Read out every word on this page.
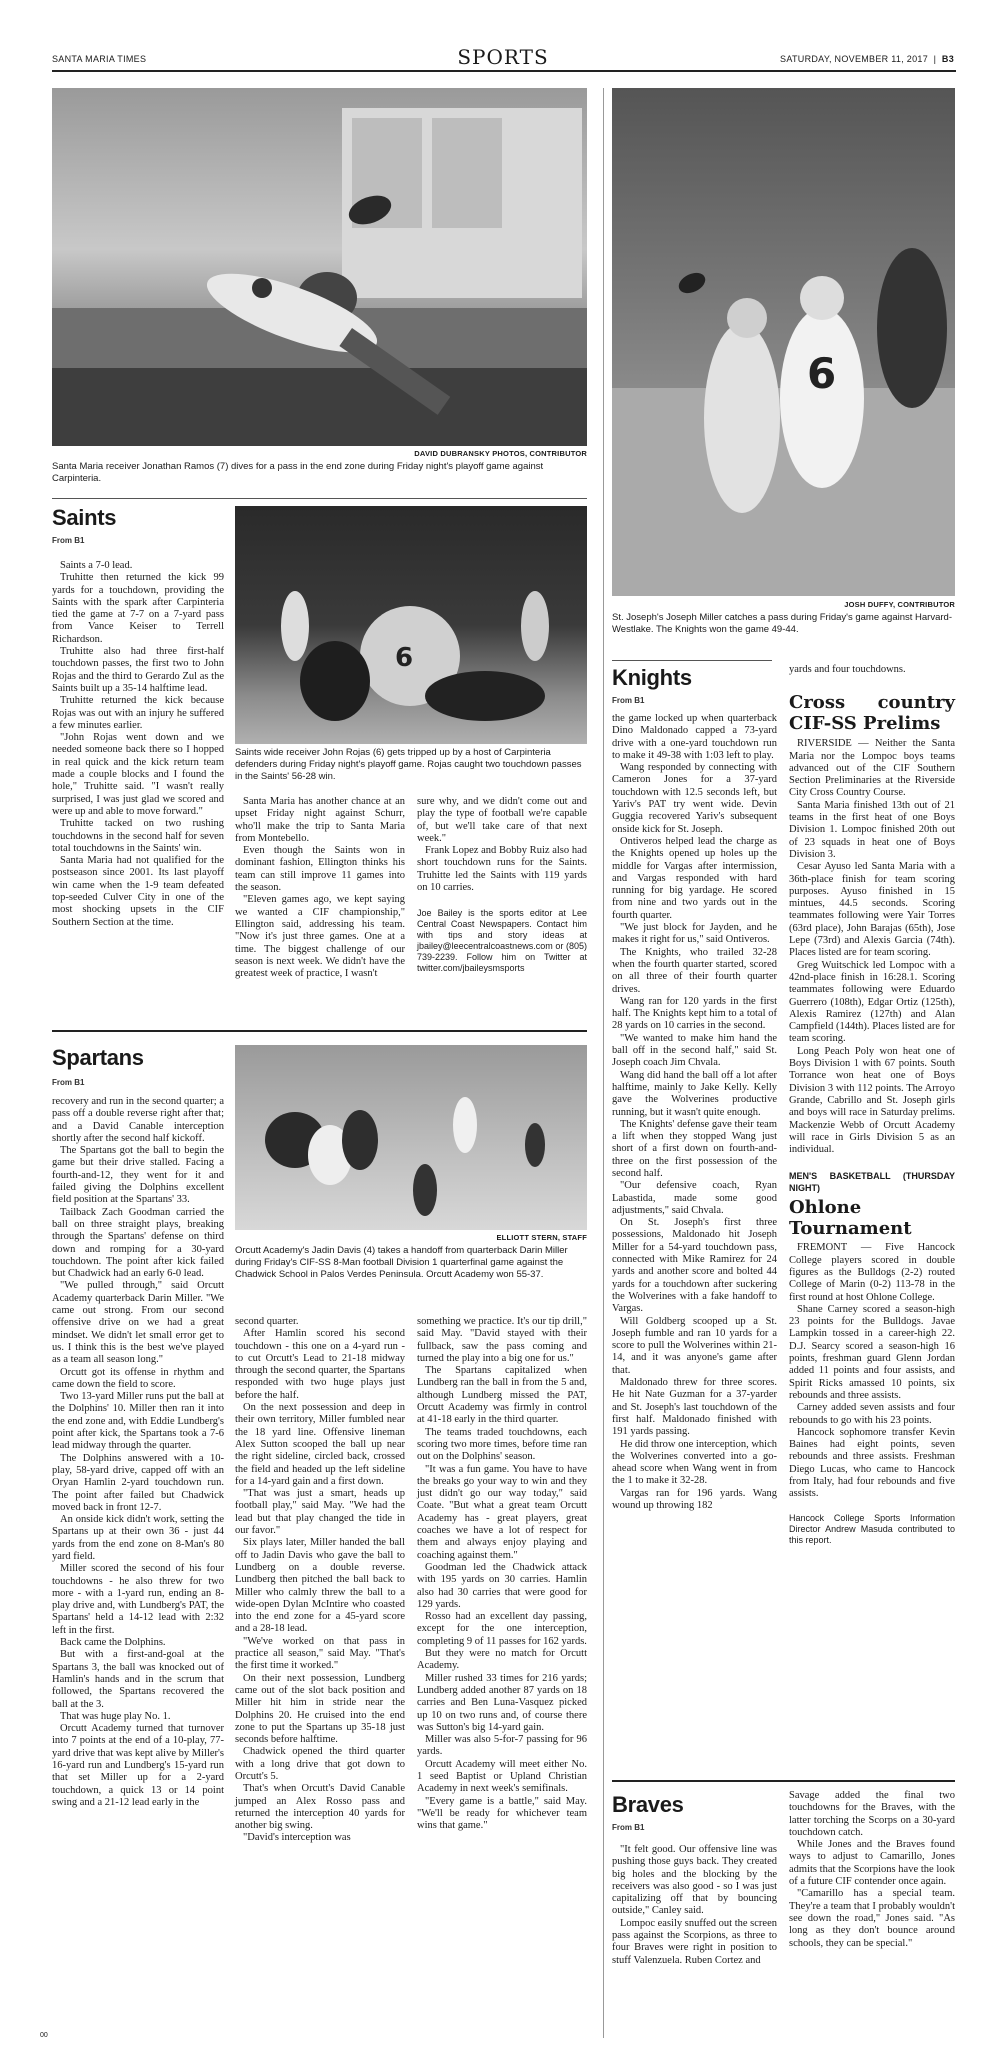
SANTA MARIA TIMES	SPORTS	SATURDAY, NOVEMBER 11, 2017  |  B3
DAVID DUBRANSKY PHOTOS, CONTRIBUTOR
Santa Maria receiver Jonathan Ramos (7) dives for a pass in the end zone during Friday night's playoff game against Carpinteria.
6
JOSH DUFFY, CONTRIBUTOR
St. Joseph's Joseph Miller catches a pass during Friday's game against Harvard-Westlake. The Knights won the game 49-44.
Saints
From B1

Saints a 7-0 lead.

Truhitte then returned the kick 99 yards for a touchdown, providing the Saints with the spark after Carpinteria tied the game at 7-7 on a 7-yard pass from Vance Keiser to Terrell Richardson.

Truhitte also had three first-half touchdown passes, the first two to John Rojas and the third to Gerardo Zul as the Saints built up a 35-14 halftime lead.

Truhitte returned the kick because Rojas was out with an injury he suffered a few minutes earlier.

"John Rojas went down and we needed someone back there so I hopped in real quick and the kick return team made a couple blocks and I found the hole," Truhitte said. "I wasn't really surprised, I was just glad we scored and were up and able to move forward."

Truhitte tacked on two rushing touchdowns in the second half for seven total touchdowns in the Saints' win.

Santa Maria had not qualified for the postseason since 2001. Its last playoff win came when the 1-9 team defeated top-seeded Culver City in one of the most shocking upsets in the CIF Southern Section at the time.

6
Saints wide receiver John Rojas (6) gets tripped up by a host of Carpinteria defenders during Friday night's playoff game. Rojas caught two touchdown passes in the Saints' 56-28 win.

Santa Maria has another chance at an upset Friday night against Schurr, who'll make the trip to Santa Maria from Montebello.

Even though the Saints won in dominant fashion, Ellington thinks his team can still improve 11 games into the season.

"Eleven games ago, we kept saying we wanted a CIF championship," Ellington said, addressing his team. "Now it's just three games. One at a time. The biggest challenge of our season is next week. We didn't have the greatest week of practice, I wasn't

sure why, and we didn't come out and play the type of football we're capable of, but we'll take care of that next week."

Frank Lopez and Bobby Ruiz also had short touchdown runs for the Saints. Truhitte led the Saints with 119 yards on 10 carries.

Joe Bailey is the sports editor at Lee Central Coast Newspapers. Contact him with tips and story ideas at jbailey@leecentralcoastnews.com or (805) 739-2239. Follow him on Twitter at twitter.com/jbaileysmsports
Spartans
From B1

recovery and run in the second quarter; a pass off a double reverse right after that; and a David Canable interception shortly after the second half kickoff.

The Spartans got the ball to begin the game but their drive stalled. Facing a fourth-and-12, they went for it and failed giving the Dolphins excellent field position at the Spartans' 33.

Tailback Zach Goodman carried the ball on three straight plays, breaking through the Spartans' defense on third down and romping for a 30-yard touchdown. The point after kick failed but Chadwick had an early 6-0 lead.

"We pulled through," said Orcutt Academy quarterback Darin Miller. "We came out strong. From our second offensive drive on we had a great mindset. We didn't let small error get to us. I think this is the best we've played as a team all season long."

Orcutt got its offense in rhythm and came down the field to score.

Two 13-yard Miller runs put the ball at the Dolphins' 10. Miller then ran it into the end zone and, with Eddie Lundberg's point after kick, the Spartans took a 7-6 lead midway through the quarter.

The Dolphins answered with a 10-play, 58-yard drive, capped off with an Oryan Hamlin 2-yard touchdown run. The point after failed but Chadwick moved back in front 12-7.

An onside kick didn't work, setting the Spartans up at their own 36 - just 44 yards from the end zone on 8-Man's 80 yard field.

Miller scored the second of his four touchdowns - he also threw for two more - with a 1-yard run, ending an 8-play drive and, with Lundberg's PAT, the Spartans' held a 14-12 lead with 2:32 left in the first.

Back came the Dolphins.

But with a first-and-goal at the Spartans 3, the ball was knocked out of Hamlin's hands and in the scrum that followed, the Spartans recovered the ball at the 3.

That was huge play No. 1.

Orcutt Academy turned that turnover into 7 points at the end of a 10-play, 77-yard drive that was kept alive by Miller's 16-yard run and Lundberg's 15-yard run that set Miller up for a 2-yard touchdown, a quick 13 or 14 point swing and a 21-12 lead early in the

ELLIOTT STERN, STAFF
Orcutt Academy's Jadin Davis (4) takes a handoff from quarterback Darin Miller during Friday's CIF-SS 8-Man football Division 1 quarterfinal game against the Chadwick School in Palos Verdes Peninsula. Orcutt Academy won 55-37.

second quarter.

After Hamlin scored his second touchdown - this one on a 4-yard run - to cut Orcutt's Lead to 21-18 midway through the second quarter, the Spartans responded with two huge plays just before the half.

On the next possession and deep in their own territory, Miller fumbled near the 18 yard line. Offensive lineman Alex Sutton scooped the ball up near the right sideline, circled back, crossed the field and headed up the left sideline for a 14-yard gain and a first down.

"That was just a smart, heads up football play," said May. "We had the lead but that play changed the tide in our favor."

Six plays later, Miller handed the ball off to Jadin Davis who gave the ball to Lundberg on a double reverse. Lundberg then pitched the ball back to Miller who calmly threw the ball to a wide-open Dylan McIntire who coasted into the end zone for a 45-yard score and a 28-18 lead.

"We've worked on that pass in practice all season," said May. "That's the first time it worked."

On their next possession, Lundberg came out of the slot back position and Miller hit him in stride near the Dolphins 20. He cruised into the end zone to put the Spartans up 35-18 just seconds before halftime.

Chadwick opened the third quarter with a long drive that got down to Orcutt's 5.

That's when Orcutt's David Canable jumped an Alex Rosso pass and returned the interception 40 yards for another big swing.

"David's interception was

something we practice. It's our tip drill," said May. "David stayed with their fullback, saw the pass coming and turned the play into a big one for us."

The Spartans capitalized when Lundberg ran the ball in from the 5 and, although Lundberg missed the PAT, Orcutt Academy was firmly in control at 41-18 early in the third quarter.

The teams traded touchdowns, each scoring two more times, before time ran out on the Dolphins' season.

"It was a fun game. You have to have the breaks go your way to win and they just didn't go our way today," said Coate. "But what a great team Orcutt Academy has - great players, great coaches we have a lot of respect for them and always enjoy playing and coaching against them."

Goodman led the Chadwick attack with 195 yards on 30 carries. Hamlin also had 30 carries that were good for 129 yards.

Rosso had an excellent day passing, except for the one interception, completing 9 of 11 passes for 162 yards.

But they were no match for Orcutt Academy.

Miller rushed 33 times for 216 yards; Lundberg added another 87 yards on 18 carries and Ben Luna-Vasquez picked up 10 on two runs and, of course there was Sutton's big 14-yard gain.

Miller was also 5-for-7 passing for 96 yards.

Orcutt Academy will meet either No. 1 seed Baptist or Upland Christian Academy in next week's semifinals.

"Every game is a battle," said May. "We'll be ready for whichever team wins that game."

00
Knights
From B1

the game locked up when quarterback Dino Maldonado capped a 73-yard drive with a one-yard touchdown run to make it 49-38 with 1:03 left to play.

Wang responded by connecting with Cameron Jones for a 37-yard touchdown with 12.5 seconds left, but Yariv's PAT try went wide. Devin Guggia recovered Yariv's subsequent onside kick for St. Joseph.

Ontiveros helped lead the charge as the Knights opened up holes up the middle for Vargas after intermission, and Vargas responded with hard running for big yardage. He scored from nine and two yards out in the fourth quarter.

"We just block for Jayden, and he makes it right for us," said Ontiveros.

The Knights, who trailed 32-28 when the fourth quarter started, scored on all three of their fourth quarter drives.

Wang ran for 120 yards in the first half. The Knights kept him to a total of 28 yards on 10 carries in the second.

"We wanted to make him hand the ball off in the second half," said St. Joseph coach Jim Chvala.

Wang did hand the ball off a lot after halftime, mainly to Jake Kelly. Kelly gave the Wolverines productive running, but it wasn't quite enough.

The Knights' defense gave their team a lift when they stopped Wang just short of a first down on fourth-and-three on the first possession of the second half.

"Our defensive coach, Ryan Labastida, made some good adjustments," said Chvala.

On St. Joseph's first three possessions, Maldonado hit Joseph Miller for a 54-yard touchdown pass, connected with Mike Ramirez for 24 yards and another score and bolted 44 yards for a touchdown after suckering the Wolverines with a fake handoff to Vargas.

Will Goldberg scooped up a St. Joseph fumble and ran 10 yards for a score to pull the Wolverines within 21-14, and it was anyone's game after that.

Maldonado threw for three scores. He hit Nate Guzman for a 37-yarder and St. Joseph's last touchdown of the first half. Maldonado finished with 191 yards passing.

He did throw one interception, which the Wolverines converted into a go-ahead score when Wang went in from the 1 to make it 32-28.

Vargas ran for 196 yards. Wang wound up throwing 182

yards and four touchdowns.

Cross country CIF-SS Prelims

RIVERSIDE — Neither the Santa Maria nor the Lompoc boys teams advanced out of the CIF Southern Section Preliminaries at the Riverside City Cross Country Course.

Santa Maria finished 13th out of 21 teams in the first heat of one Boys Division 1. Lompoc finished 20th out of 23 squads in heat one of Boys Division 3.

Cesar Ayuso led Santa Maria with a 36th-place finish for team scoring purposes. Ayuso finished in 15 mintues, 44.5 seconds. Scoring teammates following were Yair Torres (63rd place), John Barajas (65th), Jose Lepe (73rd) and Alexis Garcia (74th). Places listed are for team scoring.

Greg Wuitschick led Lompoc with a 42nd-place finish in 16:28.1. Scoring teammates following were Eduardo Guerrero (108th), Edgar Ortiz (125th), Alexis Ramirez (127th) and Alan Campfield (144th). Places listed are for team scoring.

Long Peach Poly won heat one of Boys Division 1 with 67 points. South Torrance won heat one of Boys Division 3 with 112 points. The Arroyo Grande, Cabrillo and St. Joseph girls and boys will race in Saturday prelims. Mackenzie Webb of Orcutt Academy will race in Girls Division 5 as an individual.

MEN'S BASKETBALL (THURSDAY NIGHT)
Ohlone Tournament

FREMONT — Five Hancock College players scored in double figures as the Bulldogs (2-2) routed College of Marin (0-2) 113-78 in the first round at host Ohlone College.

Shane Carney scored a season-high 23 points for the Bulldogs. Javae Lampkin tossed in a career-high 22. D.J. Searcy scored a season-high 16 points, freshman guard Glenn Jordan added 11 points and four assists, and Spirit Ricks amassed 10 points, six rebounds and three assists.

Carney added seven assists and four rebounds to go with his 23 points.

Hancock sophomore transfer Kevin Baines had eight points, seven rebounds and three assists. Freshman Diego Lucas, who came to Hancock from Italy, had four rebounds and five assists.

Hancock College Sports Information Director Andrew Masuda contributed to this report.
Braves
From B1

"It felt good. Our offensive line was pushing those guys back. They created big holes and the blocking by the receivers was also good - so I was just capitalizing off that by bouncing outside," Canley said.

Lompoc easily snuffed out the screen pass against the Scorpions, as three to four Braves were right in position to stuff Valenzuela. Ruben Cortez and

Savage added the final two touchdowns for the Braves, with the latter torching the Scorps on a 30-yard touchdown catch.

While Jones and the Braves found ways to adjust to Camarillo, Jones admits that the Scorpions have the look of a future CIF contender once again.

"Camarillo has a special team. They're a team that I probably wouldn't see down the road," Jones said. "As long as they don't bounce around schools, they can be special."
